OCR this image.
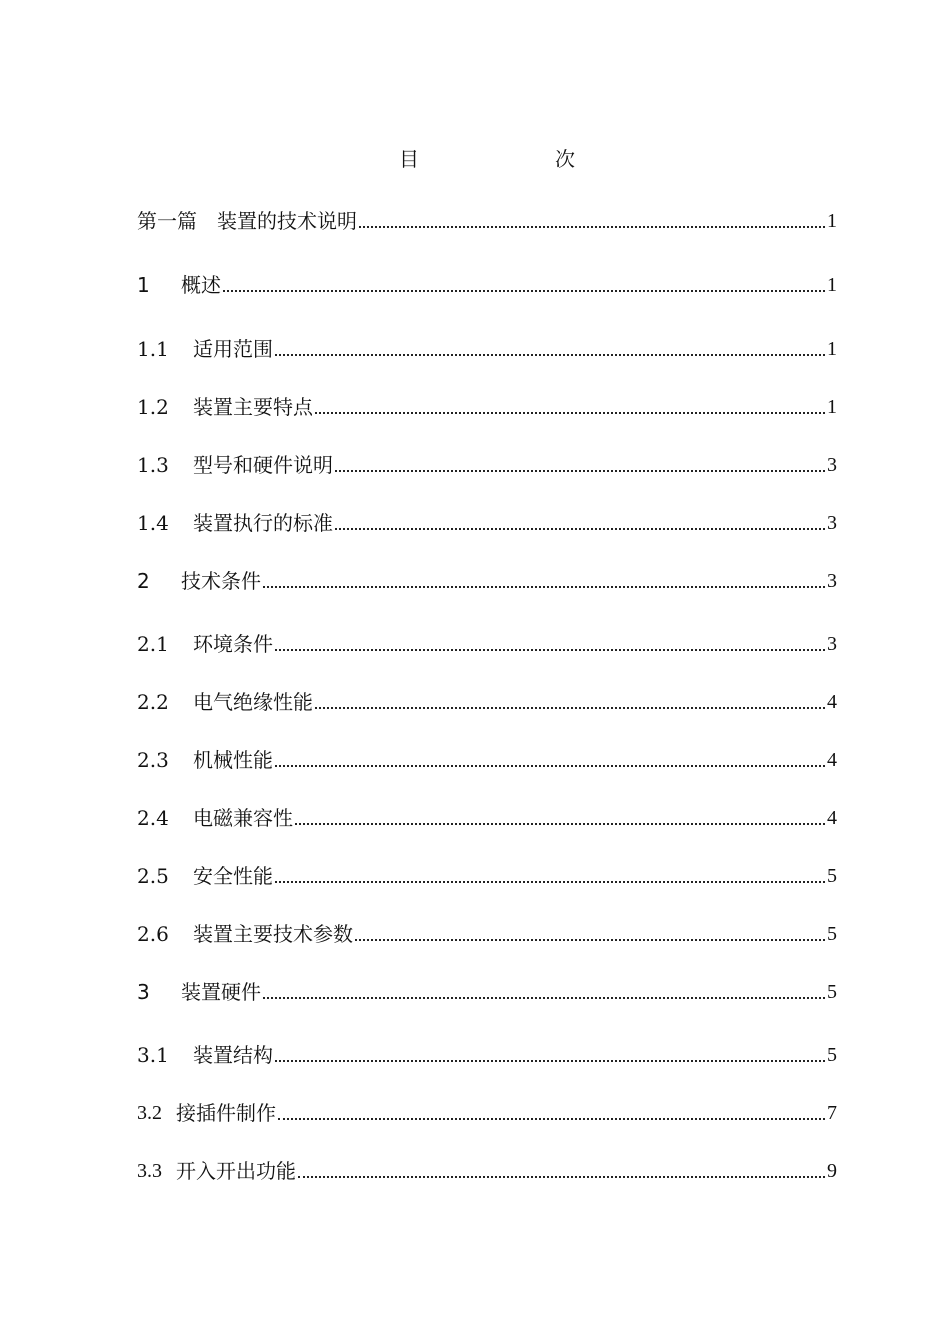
目	次
第一篇　 装置的技术说明	1
1　 概述	1
1.1　 适用范围	1
1.2　 装置主要特点	1
1.3　 型号和硬件说明	3
1.4　 装置执行的标准	3
2　 技术条件	3
2.1　 环境条件	3
2.2　 电气绝缘性能	4
2.3　 机械性能	4
2.4　 电磁兼容性	4
2.5　 安全性能	5
2.6　 装置主要技术参数	5
3　 装置硬件	5
3.1　 装置结构	5
3.2 接插件制作	7
3.3 开入开出功能	9
